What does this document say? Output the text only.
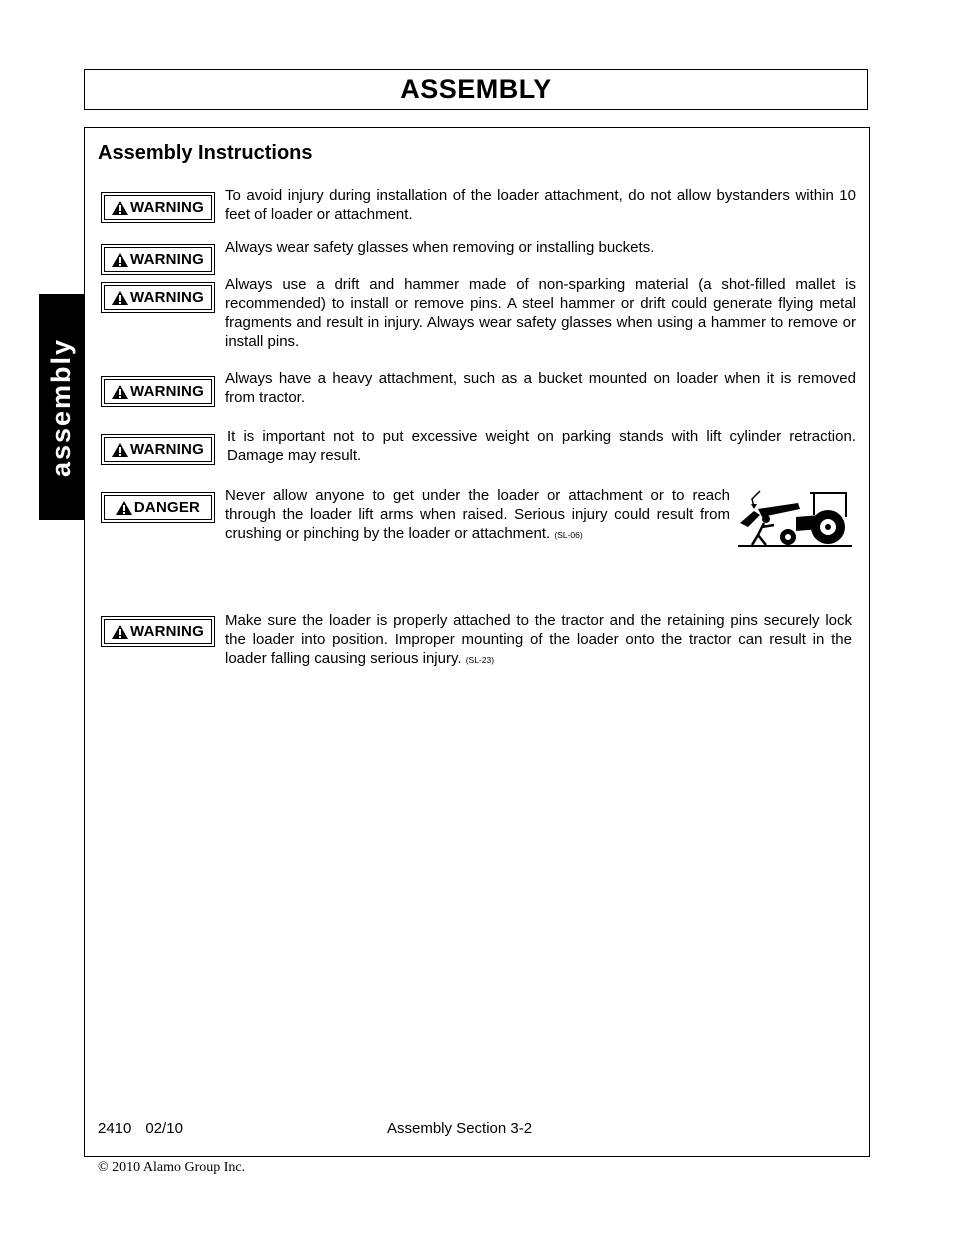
ASSEMBLY
assembly
Assembly Instructions
WARNING
To avoid injury during installation of the loader attachment, do not allow bystanders within 10 feet of loader or attachment.
WARNING
Always wear safety glasses when removing or installing buckets.
WARNING
Always use a drift and hammer made of non-sparking material (a shot-filled mallet is recommended) to install or remove pins. A steel hammer or drift could generate flying metal fragments and result in injury. Always wear safety glasses when using a hammer to remove or install pins.
WARNING
Always have a heavy attachment, such as a bucket mounted on loader when it is removed from tractor.
WARNING
It is important not to put excessive weight on parking stands with lift cylinder retraction. Damage may result.
DANGER
Never allow anyone to get under the loader or attachment or to reach through the loader lift arms when raised. Serious injury could result from crushing or pinching by the loader or attachment. (SL-06)
WARNING
Make sure the loader is properly attached to the tractor and the retaining pins securely lock the loader into position. Improper mounting of the loader onto the tractor can result in the loader falling causing serious injury. (SL-23)
2410 02/10	Assembly Section 3-2
© 2010 Alamo Group Inc.
